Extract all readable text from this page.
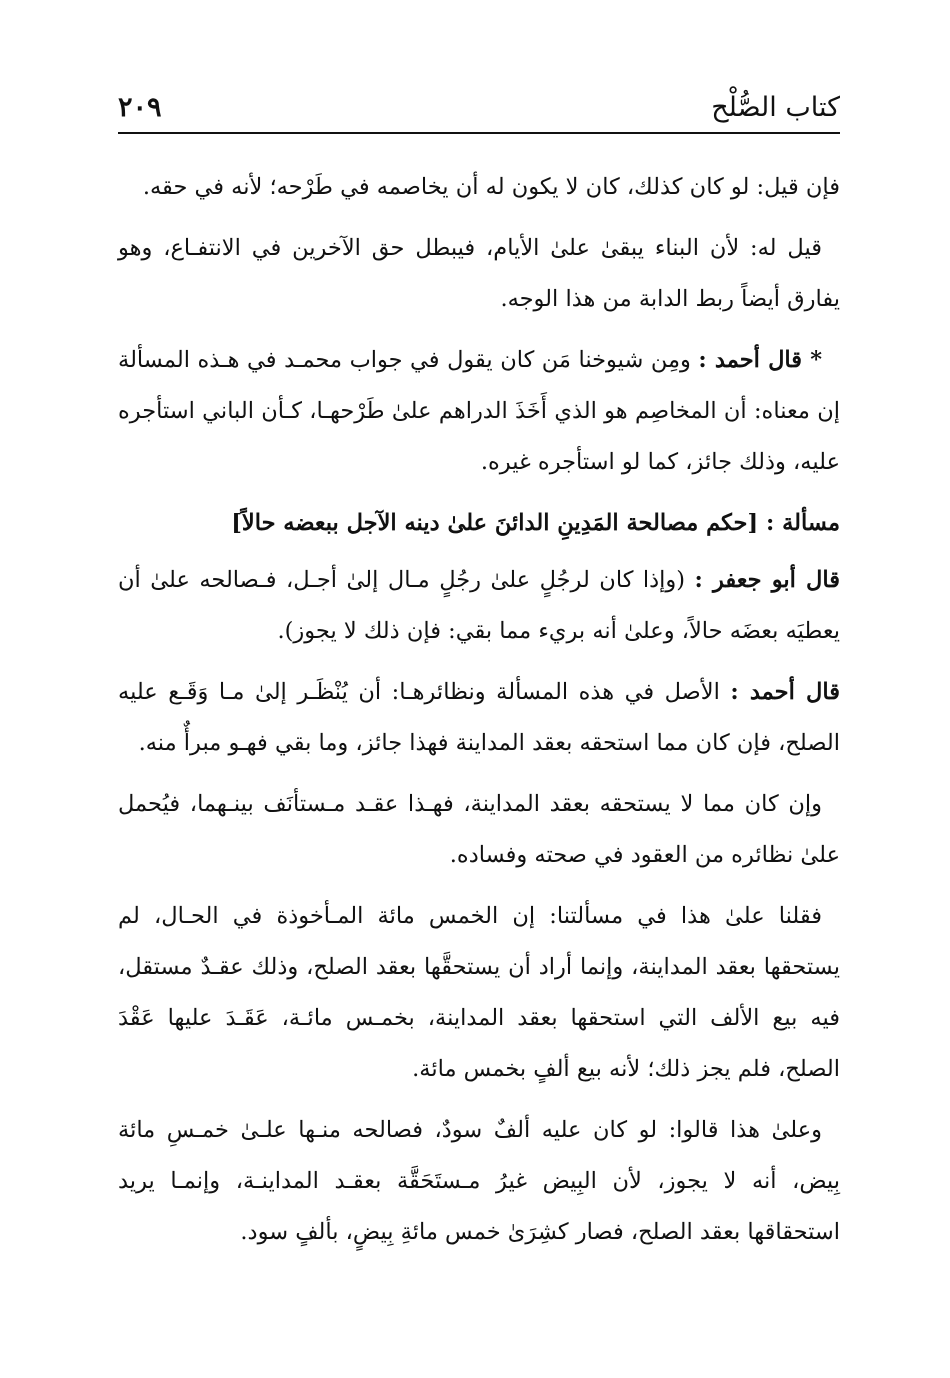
كتاب الصُّلْح
٢٠٩

فإن قيل: لو كان كذلك، كان لا يكون له أن يخاصمه في طَرْحه؛ لأنه في حقه.

قيل له: لأن البناء يبقىٰ علىٰ الأيام، فيبطل حق الآخرين في الانتفـاع، وهو يفارق أيضاً ربط الدابة من هذا الوجه.

* قال أحمد : ومِن شيوخنا مَن كان يقول في جواب محمـد في هـذه المسألة إن معناه: أن المخاصِم هو الذي أَخَذَ الدراهم علىٰ طَرْحهـا، كـأن الباني استأجره عليه، وذلك جائز، كما لو استأجره غيره.

مسألة : [حكم مصالحة المَدِينِ الدائنَ علىٰ دينه الآجل ببعضه حالاً]

قال أبو جعفر : (وإذا كان لرجُلٍ علىٰ رجُلٍ مـال إلىٰ أجـل، فـصالحه علىٰ أن يعطيَه بعضَه حالاً، وعلىٰ أنه بريء مما بقي: فإن ذلك لا يجوز).

قال أحمد : الأصل في هذه المسألة ونظائرهـا: أن يُنْظَـر إلىٰ مـا وَقَـع عليه الصلح، فإن كان مما استحقه بعقد المداينة فهذا جائز، وما بقي فهـو مبرأٌ منه.

وإن كان مما لا يستحقه بعقد المداينة، فهـذا عقـد مـستأنَف بينـهما، فيُحمل علىٰ نظائره من العقود في صحته وفساده.

فقلنا علىٰ هذا في مسألتنا: إن الخمس مائة المـأخوذة في الحـال، لم يستحقها بعقد المداينة، وإنما أراد أن يستحقَّها بعقد الصلح، وذلك عقـدٌ مستقل، فيه بيع الألف التي استحقها بعقد المداينة، بخمـس مائـة، عَقَـدَ عليها عَقْدَ الصلح، فلم يجز ذلك؛ لأنه بيع ألفٍ بخمس مائة.

وعلىٰ هذا قالوا: لو كان عليه ألفٌ سودٌ، فصالحه منـها علـىٰ خمـسِ مائة بِيض، أنه لا يجوز، لأن البِيض غيرُ مـستَحَقَّة بعقـد المداينـة، وإنمـا يريد استحقاقها بعقد الصلح، فصار كشِرَىٰ خمس مائةِ بِيضٍ، بألفٍ سود.
